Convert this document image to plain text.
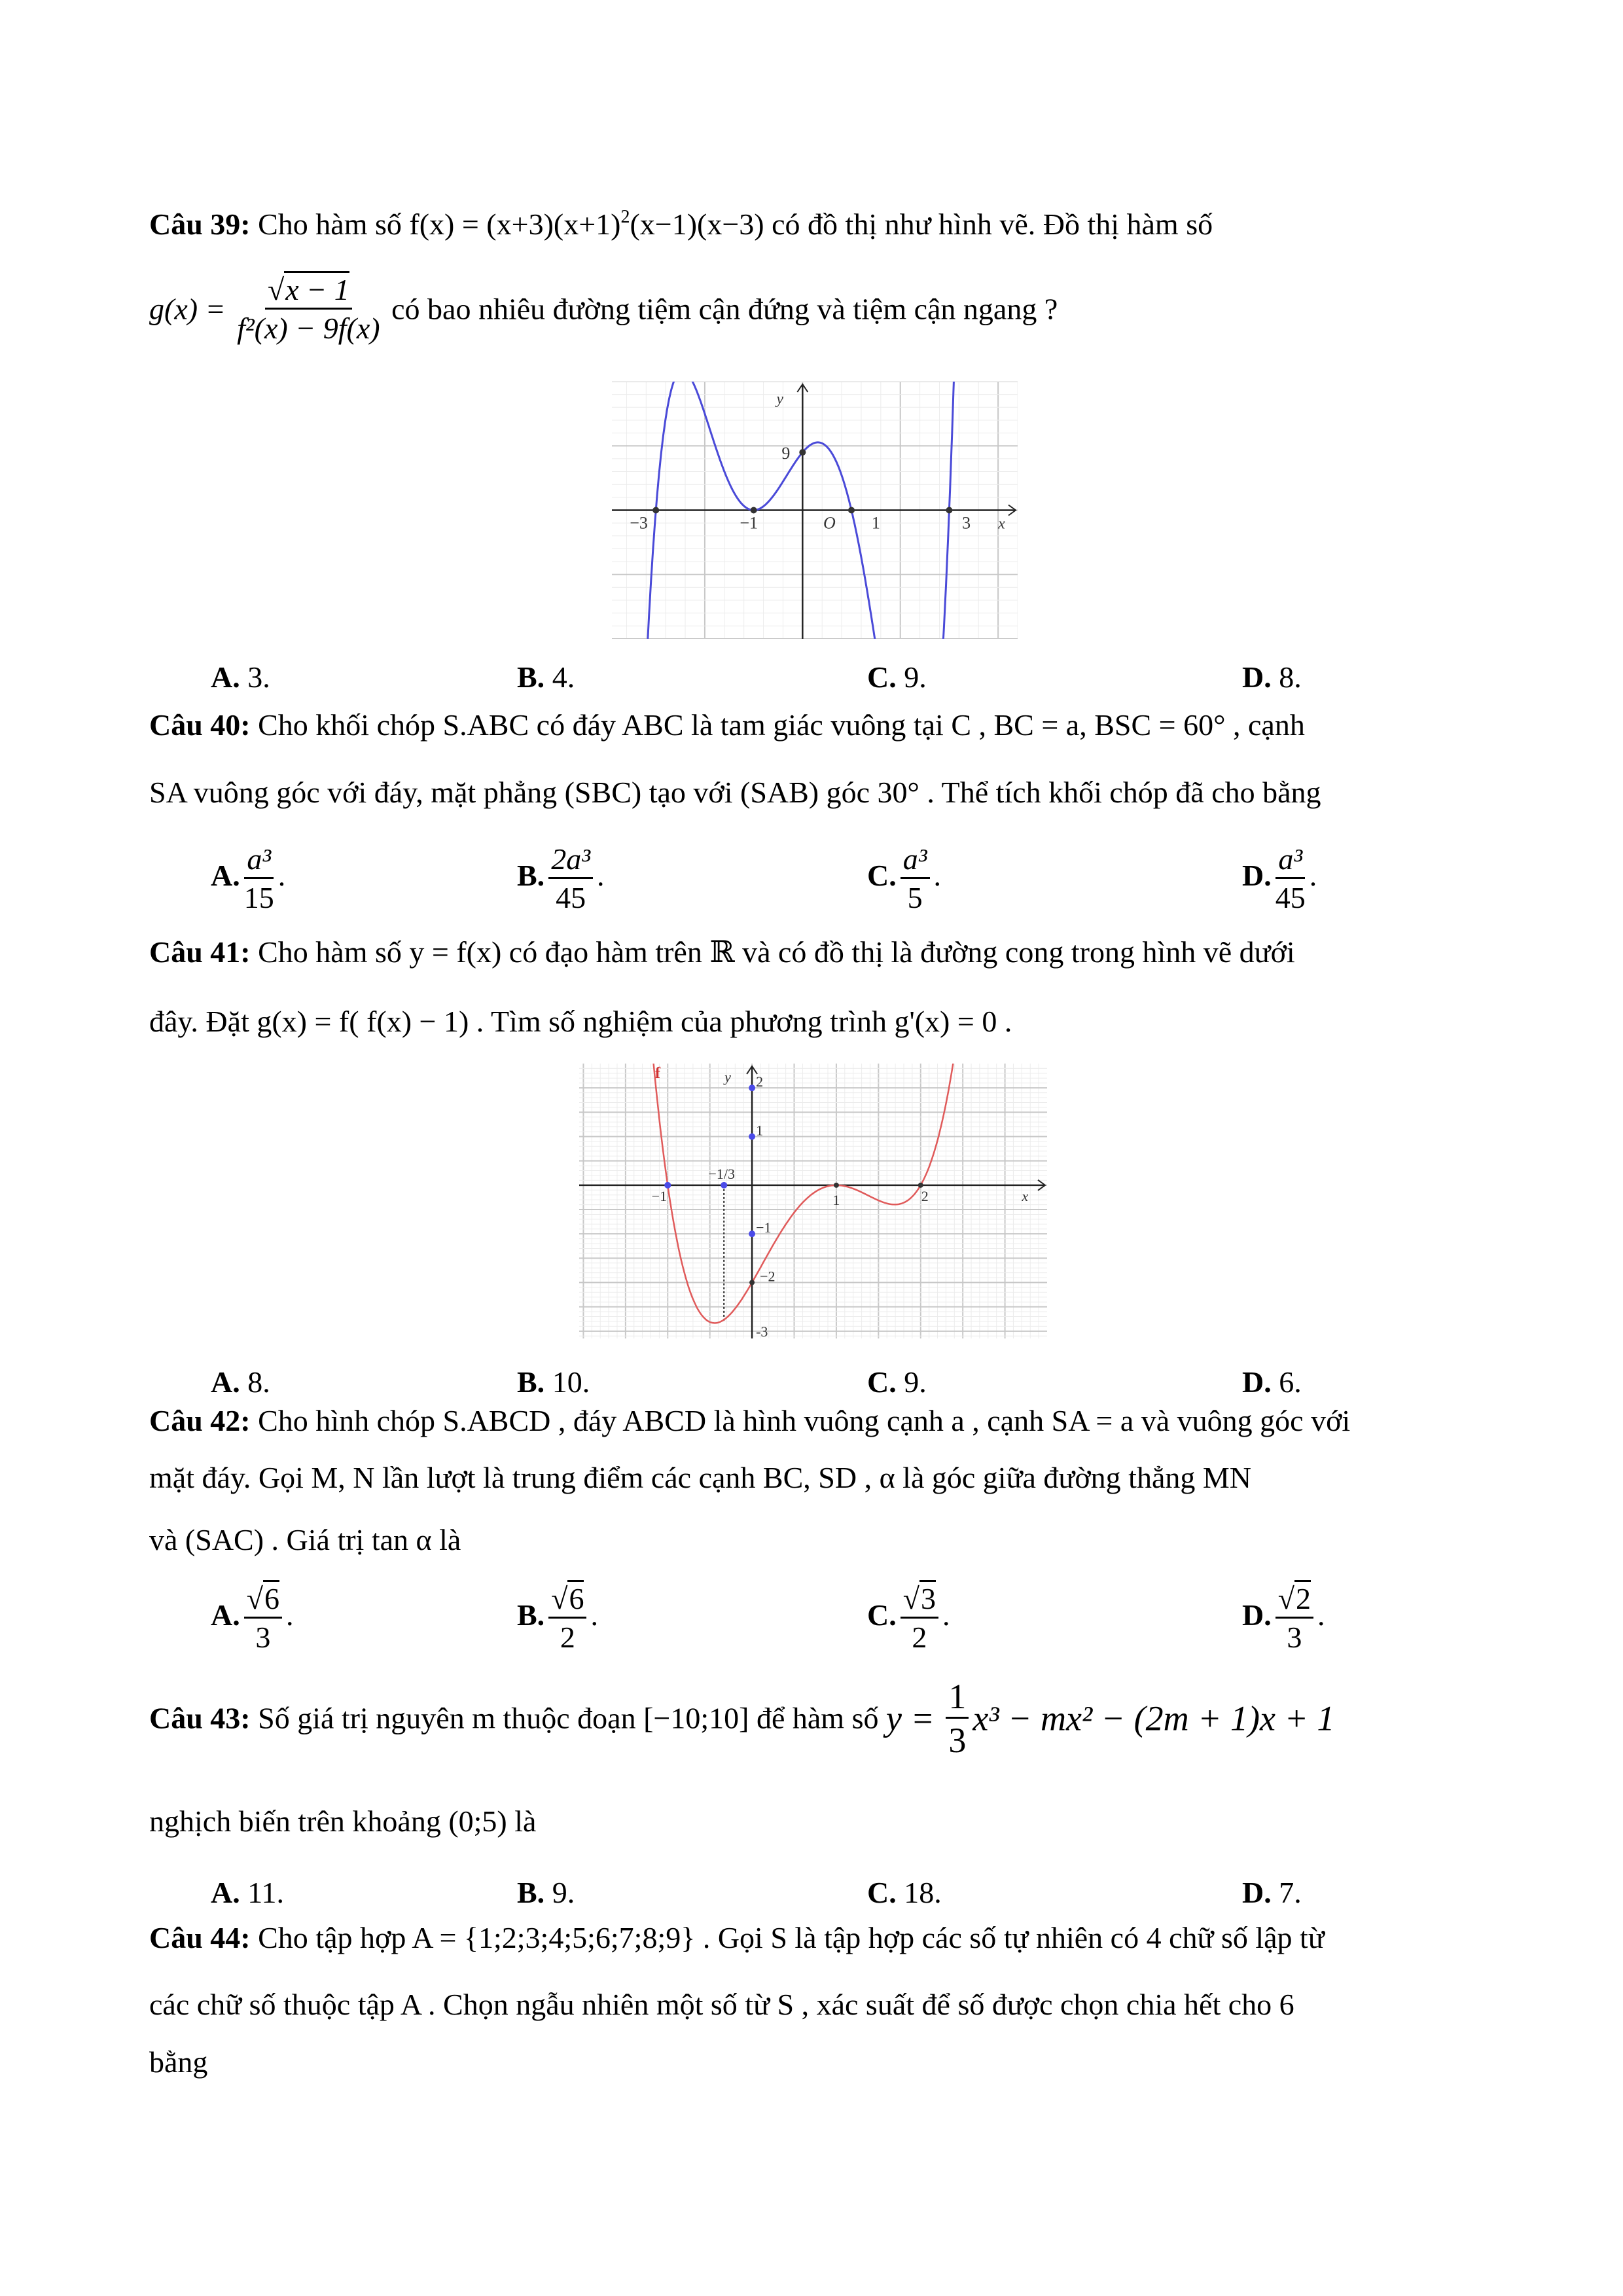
Câu 39: Cho hàm số $f(x) = (x+3)(x+1)^2(x-1)(x-3)$ có đồ thị như hình vẽ. Đồ thị hàm số
$g(x) = \frac{√x - 1}{\text{f²(x) − 9f(x)}}$ có bao nhiêu đường tiệm cận đứng và tiệm cận ngang ?
−3	−1	1	3
9
O	x
y
A. 3.	B. 4.	C. 9.	D. 8.
Câu 40: Cho khối chóp S.ABC có đáy ABC là tam giác vuông tại C , BC = a, BSC = 60° , cạnh
SA vuông góc với đáy, mặt phẳng (SBC) tạo với (SAB) góc 30° . Thể tích khối chóp đã cho bằng
A. $\frac{\text{a³}}{15}$ .	B. $\frac{\text{2a³}}{45}$ .	C. $\frac{\text{a³}}{5}$ .	D. $\frac{\text{a³}}{45}$ .
Câu 41: Cho hàm số y = f(x) có đạo hàm trên ℝ và có đồ thị là đường cong trong hình vẽ dưới
đây. Đặt g(x) = f( f(x) − 1) . Tìm số nghiệm của phương trình g'(x) = 0 .
f
−1
−1/3
1	2
2
1
−1
−2
-3
x
y
A. 8.	B. 10.	C. 9.	D. 6.
Câu 42: Cho hình chóp S.ABCD , đáy ABCD là hình vuông cạnh a , cạnh SA = a và vuông góc với
mặt đáy. Gọi M, N lần lượt là trung điểm các cạnh BC, SD , α là góc giữa đường thẳng MN
và (SAC) . Giá trị tan α là
A. $\frac{√6}{3}$ .	B. $\frac{√6}{2}$ .	C. $\frac{√3}{2}$ .	D. $\frac{√2}{3}$ .
Câu 43: Số giá trị nguyên m thuộc đoạn [−10;10] để hàm số $y = \frac{1}{3} x^3 - mx^2 - (2m + 1)x + 1$
nghịch biến trên khoảng (0;5) là
A. 11.	B. 9.	C. 18.	D. 7.
Câu 44: Cho tập hợp A = {1;2;3;4;5;6;7;8;9} . Gọi S là tập hợp các số tự nhiên có 4 chữ số lập từ
các chữ số thuộc tập A . Chọn ngẫu nhiên một số từ S , xác suất để số được chọn chia hết cho 6
bằng
